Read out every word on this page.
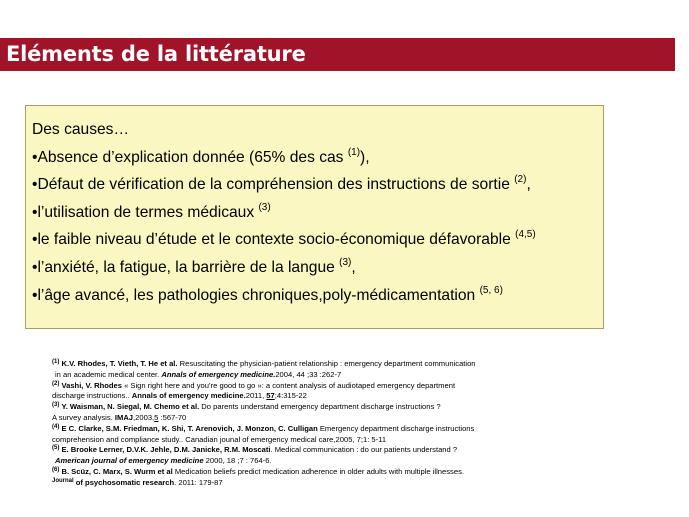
Eléments de la littérature
Des causes…
•Absence d’explication donnée (65% des cas $^{(1)}$),
•Défaut de vérification de la compréhension des instructions de sortie $^{(2)}$,
•l’utilisation de termes médicaux $^{(3)}$
•le faible niveau d’étude et le contexte socio-économique défavorable $^{(4,5)}$
•l’anxiété, la fatigue, la barrière de la langue $^{(3)}$,
•l’âge avancé, les pathologies chroniques,poly-médicamentation $^{(5, 6)}$
$^{(1)}$ K.V. Rhodes, T. Vieth, T. He et al. Resuscitating the physician-patient relationship : emergency department communication
in an academic medical center. Annals of emergency medicine.2004, 44 ;33 :262-7
$^{(2)}$ Vashi, V. Rhodes « Sign right here and you’re good to go »: a content analysis of audiotaped emergency department
discharge instructions.. Annals of emergency medicine.2011, 57;4:315-22
$^{(3)}$ Y. Waisman, N. Siegal, M. Chemo et al. Do parents understand emergency department discharge instructions ?
A survey analysis. IMAJ,2003,5 :567-70
$^{(4)}$ E C. Clarke, S.M. Friedman, K. Shi, T. Arenovich, J. Monzon, C. Culligan Emergency department discharge instructions
comprehension and compliance study.. Canadian jounal of emergency medical care,2005, 7;1: 5-11
$^{(5)}$ E. Brooke Lerner, D.V.K. Jehle, D.M. Janicke, R.M. Moscati. Medical communication : do our patients understand ?
American journal of emergency medicine 2000, 18 ;7 : 764-6.
$^{(6)}$ B. Scüz, C. Marx, S. Wurm et al Medication beliefs predict medication adherence in older adults with multiple illnesses.
$^{Journal}$ of psychosomatic research. 2011: 179-87
